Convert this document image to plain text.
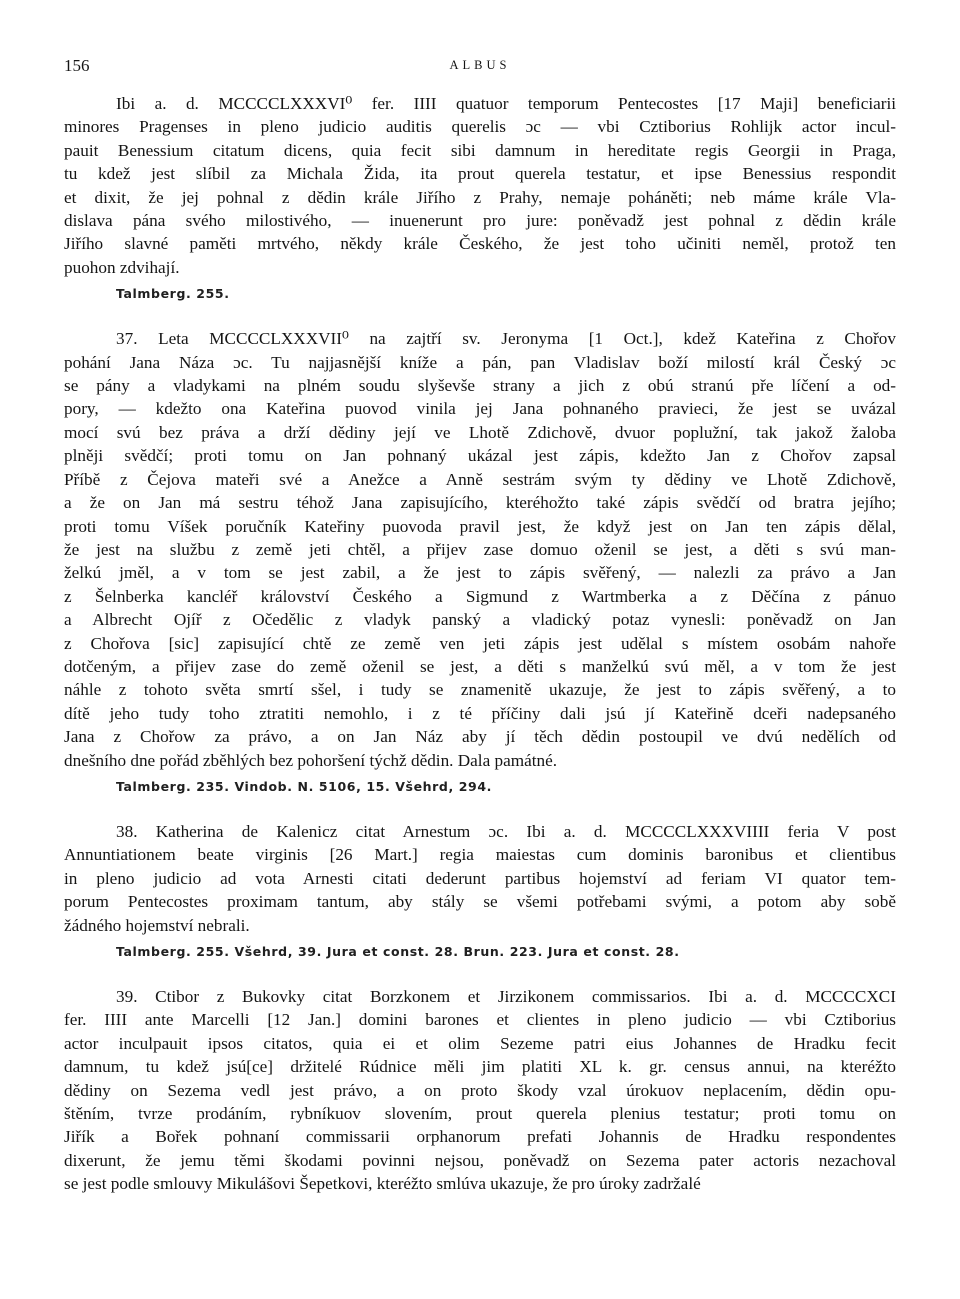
156	ALBUS
Ibi a. d. MCCCCLXXXVI⁰ fer. IIII quatuor temporum Pentecostes [17 Maji] beneficiarii
minores Pragenses in pleno judicio auditis querelis ɔc — vbi Cztiborius Rohlijk actor incul-
pauit Benessium citatum dicens, quia fecit sibi damnum in hereditate regis Georgii in Praga,
tu kdež jest slíbil za Michala Žida, ita prout querela testatur, et ipse Benessius respondit
et dixit, že jej pohnal z dědin krále Jiřího z Prahy, nemaje poháněti; neb máme krále Vla-
dislava pána svého milostivého, — inuenerunt pro jure: poněvadž jest pohnal z dědin krále
Jiřího slavné paměti mrtvého, někdy krále Českého, že jest toho učiniti neměl, protož ten
puohon zdvihají.
Talmberg. 255.
37. Leta MCCCCLXXXVII⁰ na zajtří sv. Jeronyma [1 Oct.], kdež Kateřina z Chořov
pohání Jana Náza ɔc. Tu najjasnější kníže a pán, pan Vladislav boží milostí král Český ɔc
se pány a vladykami na plném soudu slyševše strany a jich z obú stranú pře líčení a od-
pory, — kdežto ona Kateřina puovod vinila jej Jana pohnaného pravieci, že jest se uvázal
mocí svú bez práva a drží dědiny její ve Lhotě Zdichově, dvuor poplužní, tak jakož žaloba
plněji svědčí; proti tomu on Jan pohnaný ukázal jest zápis, kdežto Jan z Chořov zapsal
Příbě z Čejova mateři své a Anežce a Anně sestrám svým ty dědiny ve Lhotě Zdichově,
a že on Jan má sestru téhož Jana zapisujícího, kteréhožto také zápis svědčí od bratra jejího;
proti tomu Víšek poručník Kateřiny puovoda pravil jest, že když jest on Jan ten zápis dělal,
že jest na službu z země jeti chtěl, a přijev zase domuo oženil se jest, a děti s svú man-
želkú jměl, a v tom se jest zabil, a že jest to zápis svěřený, — nalezli za právo a Jan
z Šelnberka kancléř království Českého a Sigmund z Wartmberka a z Děčína z pánuo
a Albrecht Ojíř z Očedělic z vladyk panský a vladický potaz vynesli: poněvadž on Jan
z Chořova [sic] zapisující chtě ze země ven jeti zápis jest udělal s místem osobám nahoře
dotčeným, a přijev zase do země oženil se jest, a děti s manželkú svú měl, a v tom že jest
náhle z tohoto světa smrtí sšel, i tudy se znamenitě ukazuje, že jest to zápis svěřený, a to
dítě jeho tudy toho ztratiti nemohlo, i z té příčiny dali jsú jí Kateřině dceři nadepsaného
Jana z Chořow za právo, a on Jan Náz aby jí těch dědin postoupil ve dvú nedělích od
dnešního dne pořád zběhlých bez pohoršení týchž dědin. Dala památné.
Talmberg. 235. Vindob. N. 5106, 15. Všehrd, 294.
38. Katherina de Kalenicz citat Arnestum ɔc. Ibi a. d. MCCCCLXXXVIIII feria V post
Annuntiationem beate virginis [26 Mart.] regia maiestas cum dominis baronibus et clientibus
in pleno judicio ad vota Arnesti citati dederunt partibus hojemství ad feriam VI quator tem-
porum Pentecostes proximam tantum, aby stály se všemi potřebami svými, a potom aby sobě
žádného hojemství nebrali.
Talmberg. 255. Všehrd, 39. Jura et const. 28. Brun. 223. Jura et const. 28.
39. Ctibor z Bukovky citat Borzkonem et Jirzikonem commissarios. Ibi a. d. MCCCCXCI
fer. IIII ante Marcelli [12 Jan.] domini barones et clientes in pleno judicio — vbi Cztiborius
actor inculpauit ipsos citatos, quia ei et olim Sezeme patri eius Johannes de Hradku fecit
damnum, tu kdež jsú[ce] držitelé Rúdnice měli jim platiti XL k. gr. census annui, na kteréžto
dědiny on Sezema vedl jest právo, a on proto škody vzal úrokuov neplacením, dědin opu-
štěním, tvrze prodáním, rybníkuov slovením, prout querela plenius testatur; proti tomu on
Jiřík a Bořek pohnaní commissarii orphanorum prefati Johannis de Hradku respondentes
dixerunt, že jemu těmi škodami povinni nejsou, poněvadž on Sezema pater actoris nezachoval
se jest podle smlouvy Mikulášovi Šepetkovi, kteréžto smlúva ukazuje, že pro úroky zadržalé
